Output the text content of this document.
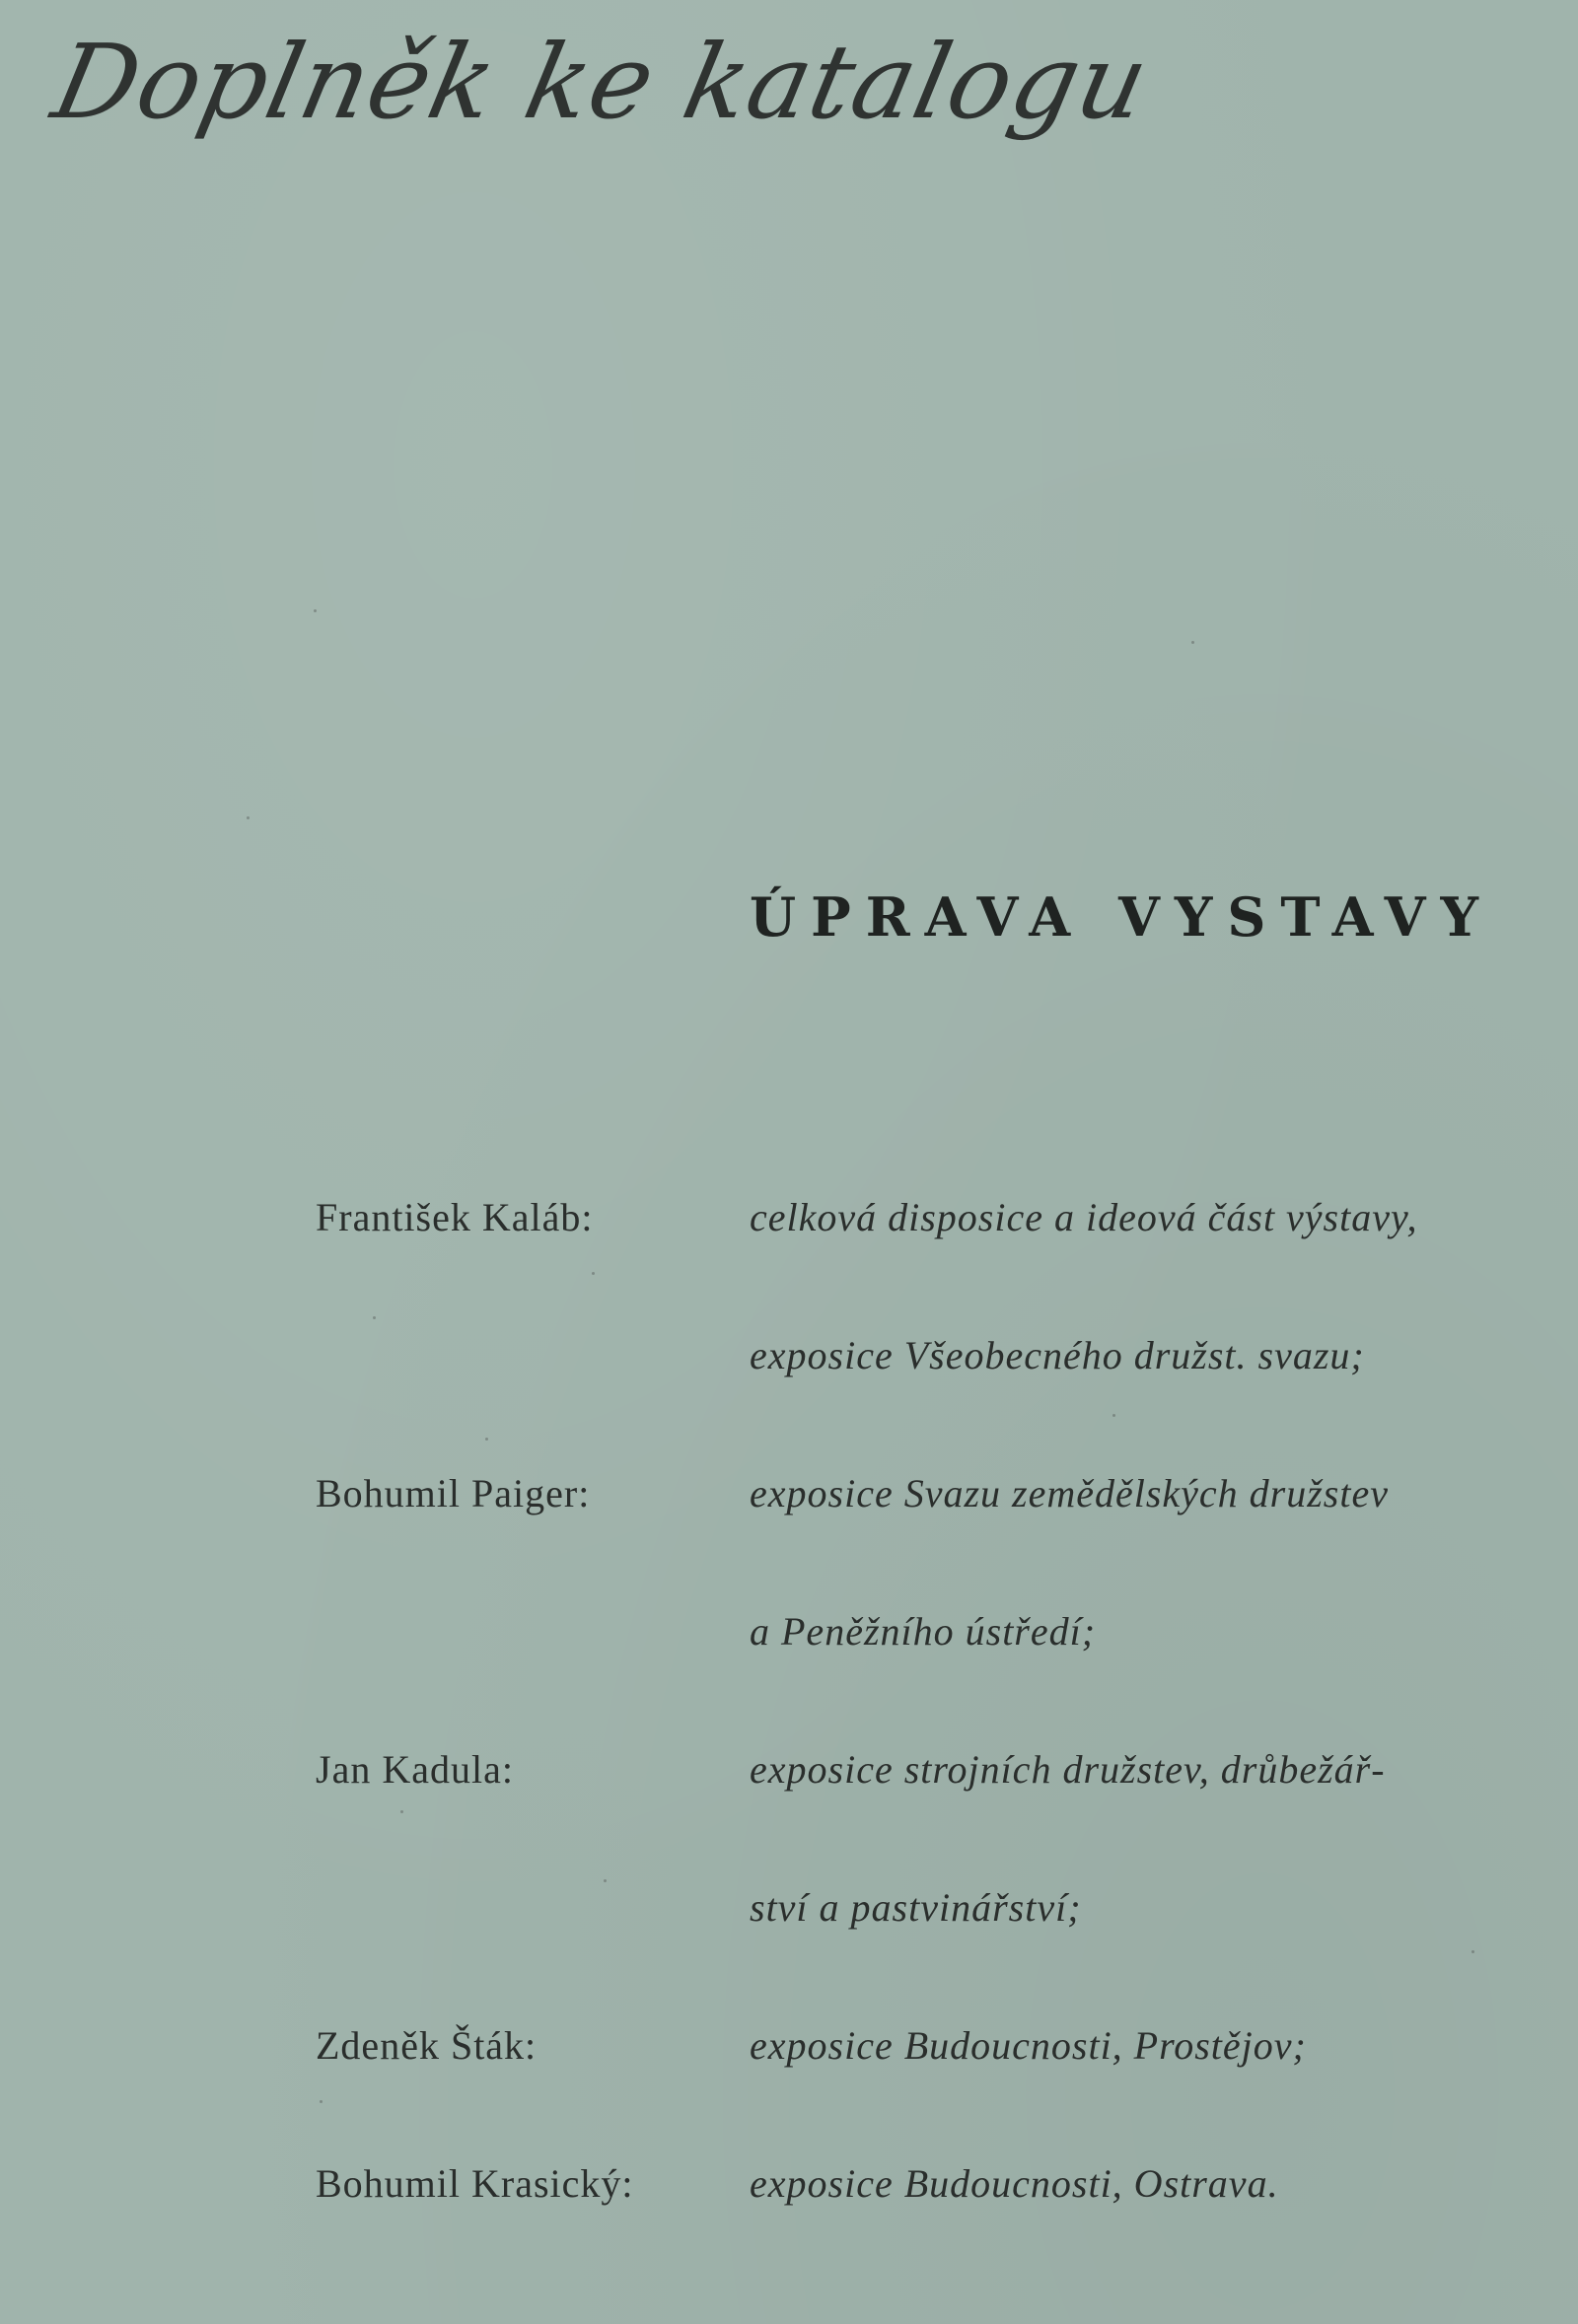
Doplněk ke katalogu
ÚPRAVA VYSTAVY
František Kaláb:	celková disposice a ideová část výstavy,
exposice Všeobecného družst. svazu;
Bohumil Paiger:	exposice Svazu zemědělských družstev
a Peněžního ústředí;
Jan Kadula:	exposice strojních družstev, drůbežář-
ství a pastvinářství;
Zdeněk Šták:	exposice Budoucnosti, Prostějov;
Bohumil Krasický:	exposice Budoucnosti, Ostrava.
